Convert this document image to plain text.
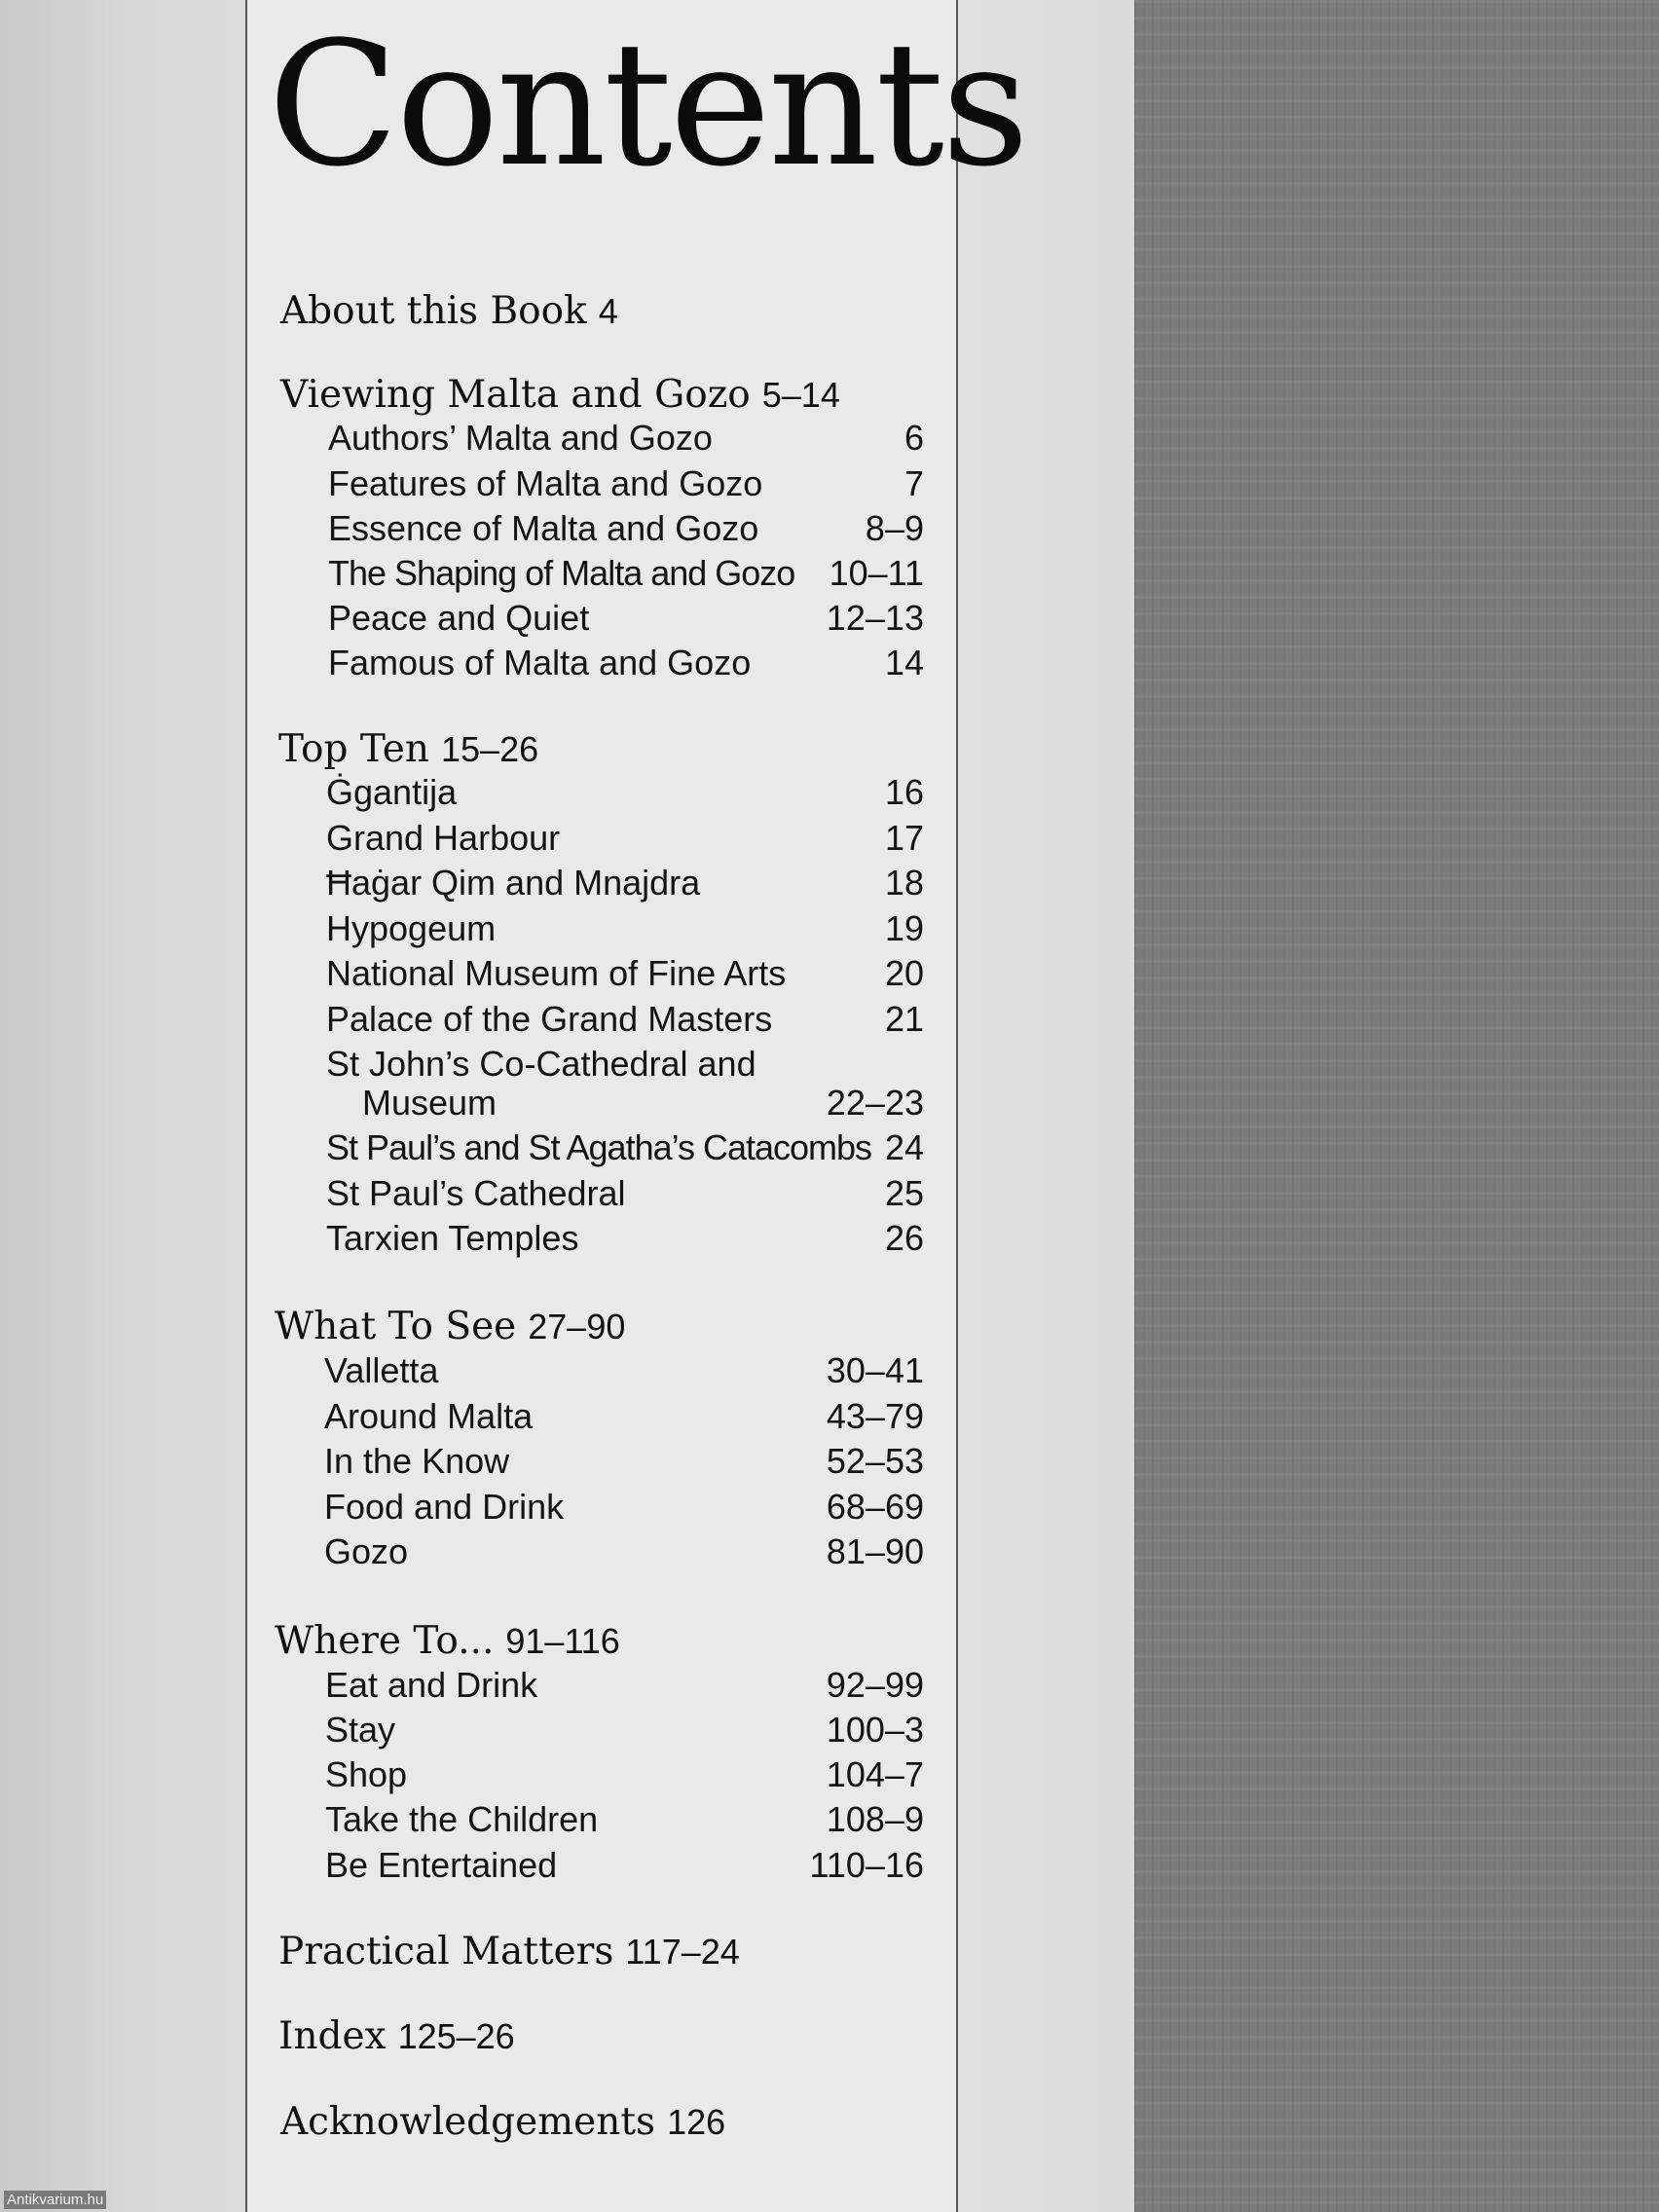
Contents
About this Book 4
Viewing Malta and Gozo 5–14
Authors’ Malta and Gozo	6
Features of Malta and Gozo	7
Essence of Malta and Gozo	8–9
The Shaping of Malta and Gozo 10–11
Peace and Quiet	12–13
Famous of Malta and Gozo	14
Top Ten 15–26
Ġgantija	16
Grand Harbour	17
Ħaġar Qim and Mnajdra	18
Hypogeum	19
National Museum of Fine Arts	20
Palace of the Grand Masters	21
St John’s Co-Cathedral and
Museum	22–23
St Paul’s and St Agatha’s Catacombs 24
St Paul’s Cathedral	25
Tarxien Temples	26
What To See 27–90
Valletta	30–41
Around Malta	43–79
In the Know	52–53
Food and Drink	68–69
Gozo	81–90
Where To... 91–116
Eat and Drink	92–99
Stay	100–3
Shop	104–7
Take the Children	108–9
Be Entertained	110–16
Practical Matters 117–24
Index 125–26
Acknowledgements 126
Antikvarium.hu
